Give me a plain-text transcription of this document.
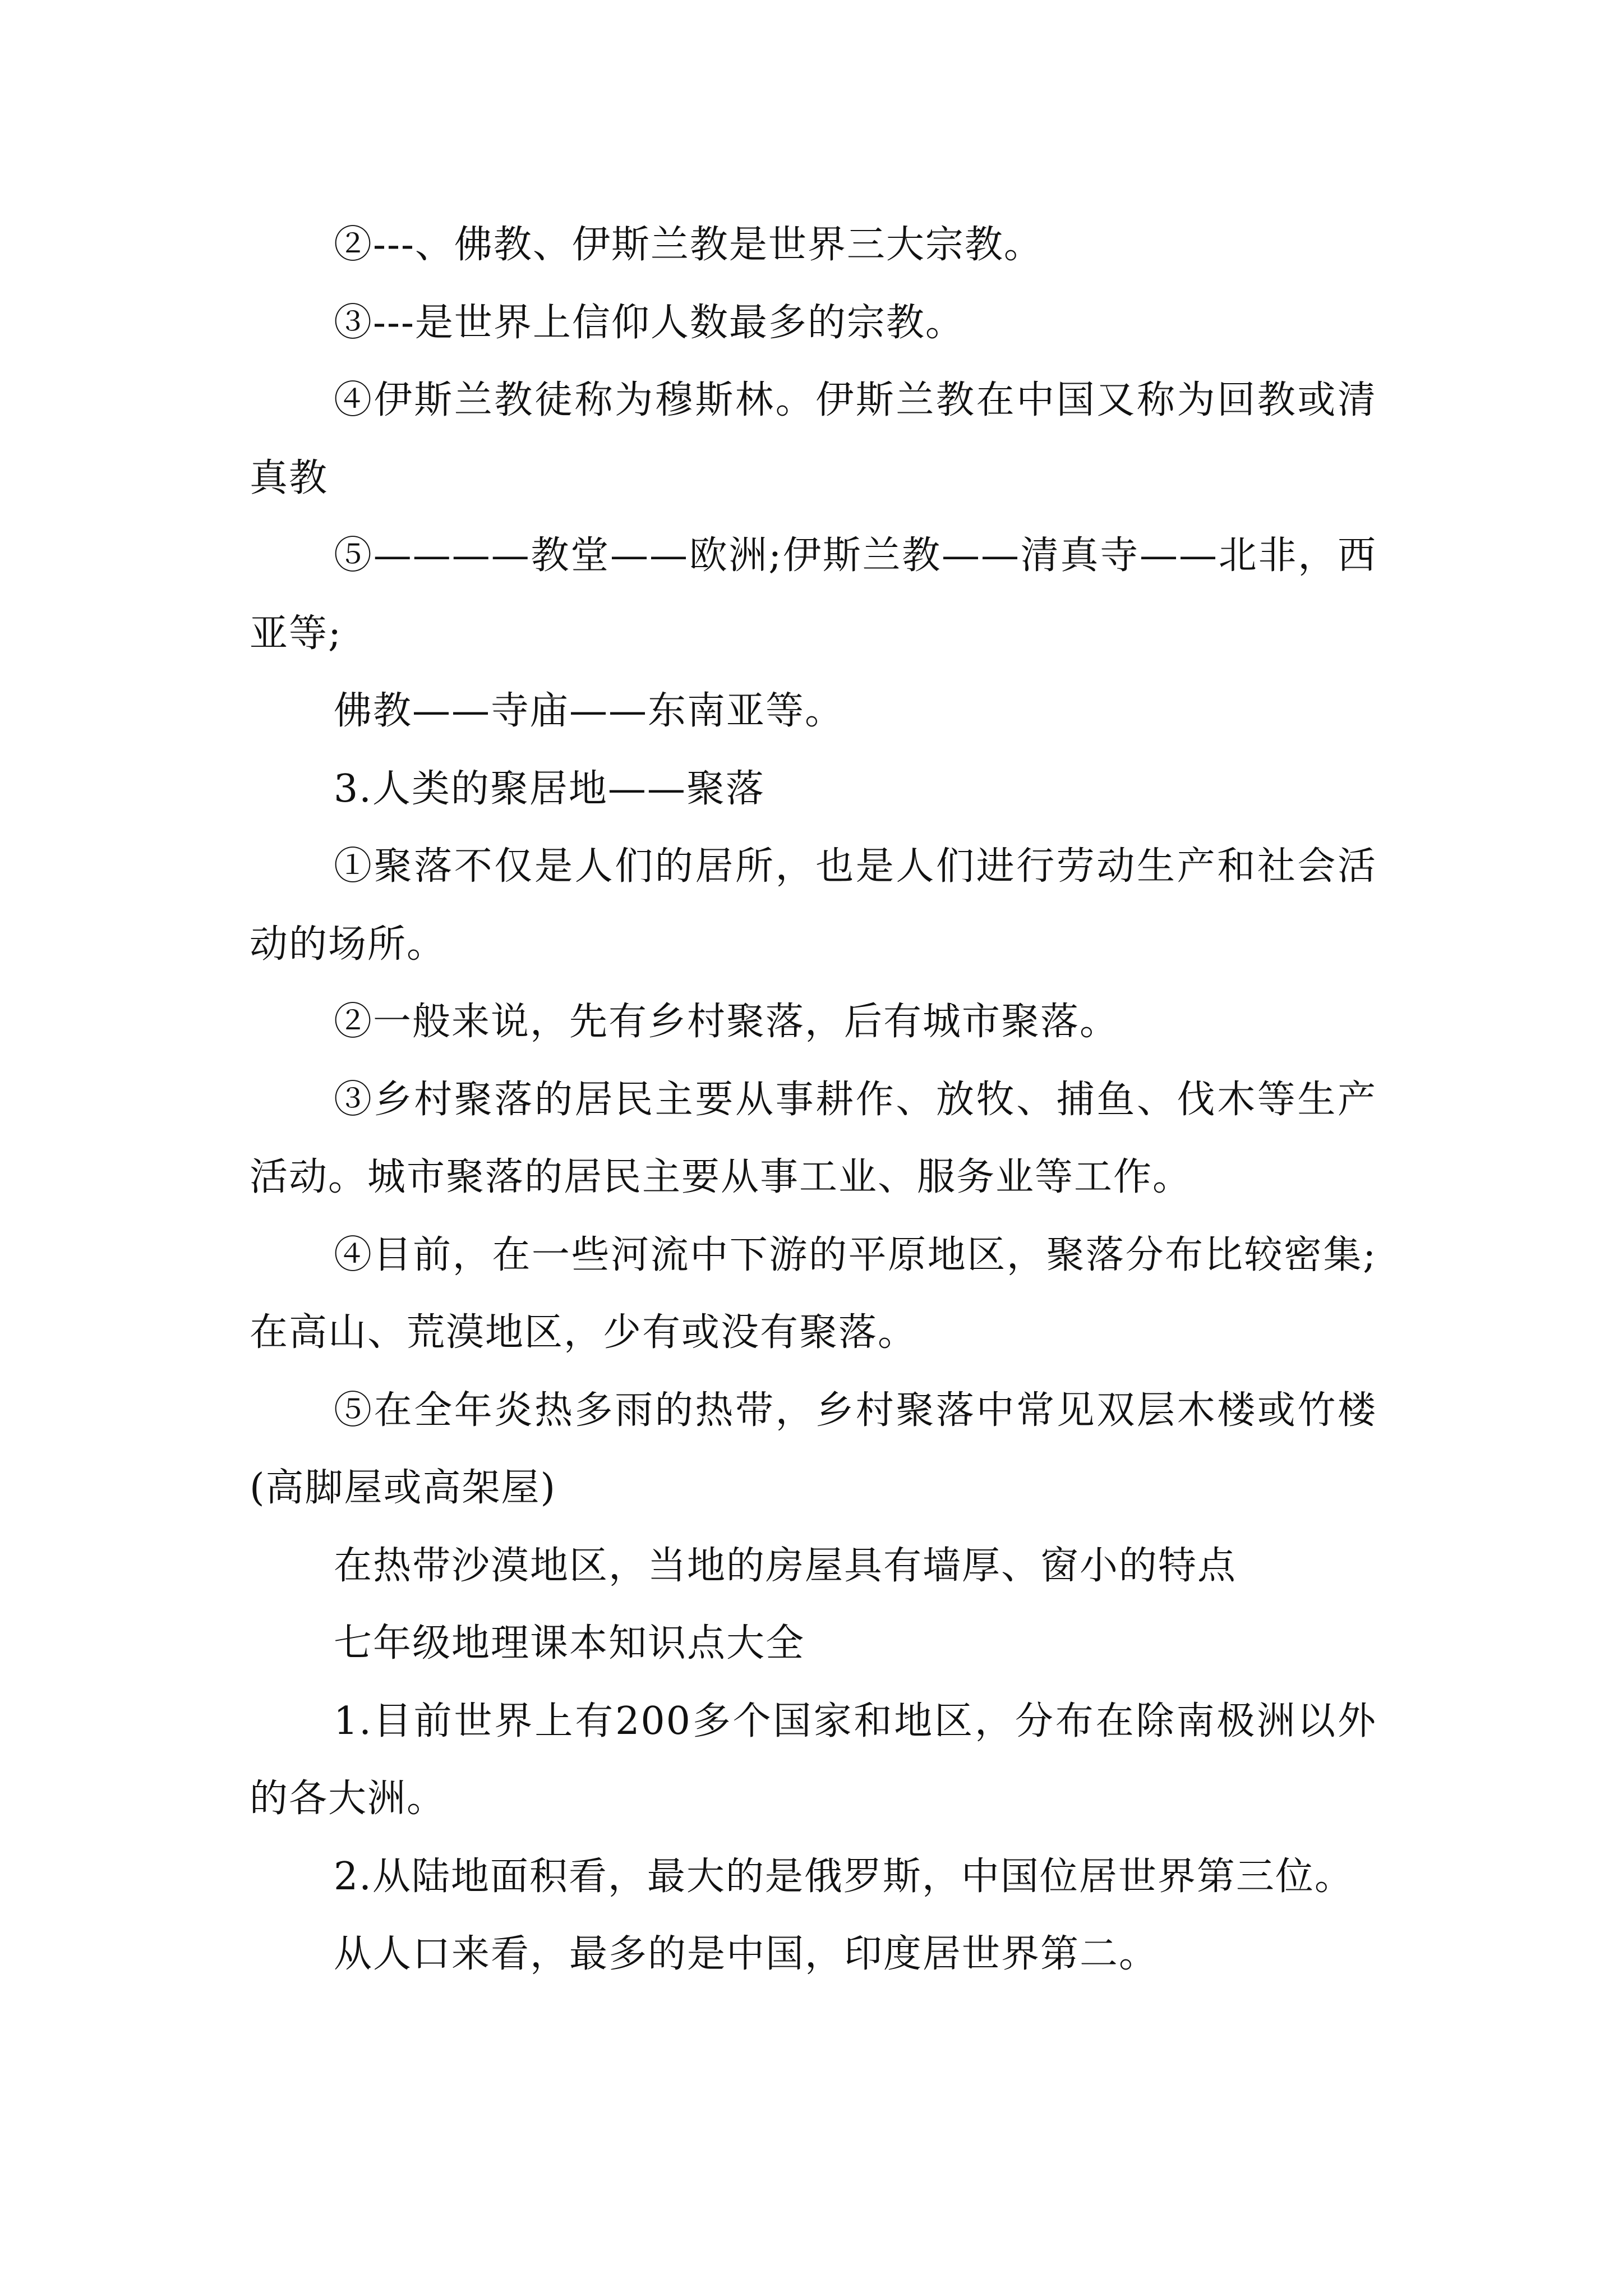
②---、佛教、伊斯兰教是世界三大宗教。

③---是世界上信仰人数最多的宗教。

④伊斯兰教徒称为穆斯林。伊斯兰教在中国又称为回教或清真教

⑤————教堂——欧洲;伊斯兰教——清真寺——北非，西亚等;

佛教——寺庙——东南亚等。

3.人类的聚居地——聚落

①聚落不仅是人们的居所，也是人们进行劳动生产和社会活动的场所。

②一般来说，先有乡村聚落，后有城市聚落。

③乡村聚落的居民主要从事耕作、放牧、捕鱼、伐木等生产活动。城市聚落的居民主要从事工业、服务业等工作。

④目前，在一些河流中下游的平原地区，聚落分布比较密集;在高山、荒漠地区，少有或没有聚落。

⑤在全年炎热多雨的热带，乡村聚落中常见双层木楼或竹楼(高脚屋或高架屋)

在热带沙漠地区，当地的房屋具有墙厚、窗小的特点

七年级地理课本知识点大全

1.目前世界上有200多个国家和地区，分布在除南极洲以外的各大洲。

2.从陆地面积看，最大的是俄罗斯，中国位居世界第三位。

从人口来看，最多的是中国，印度居世界第二。
